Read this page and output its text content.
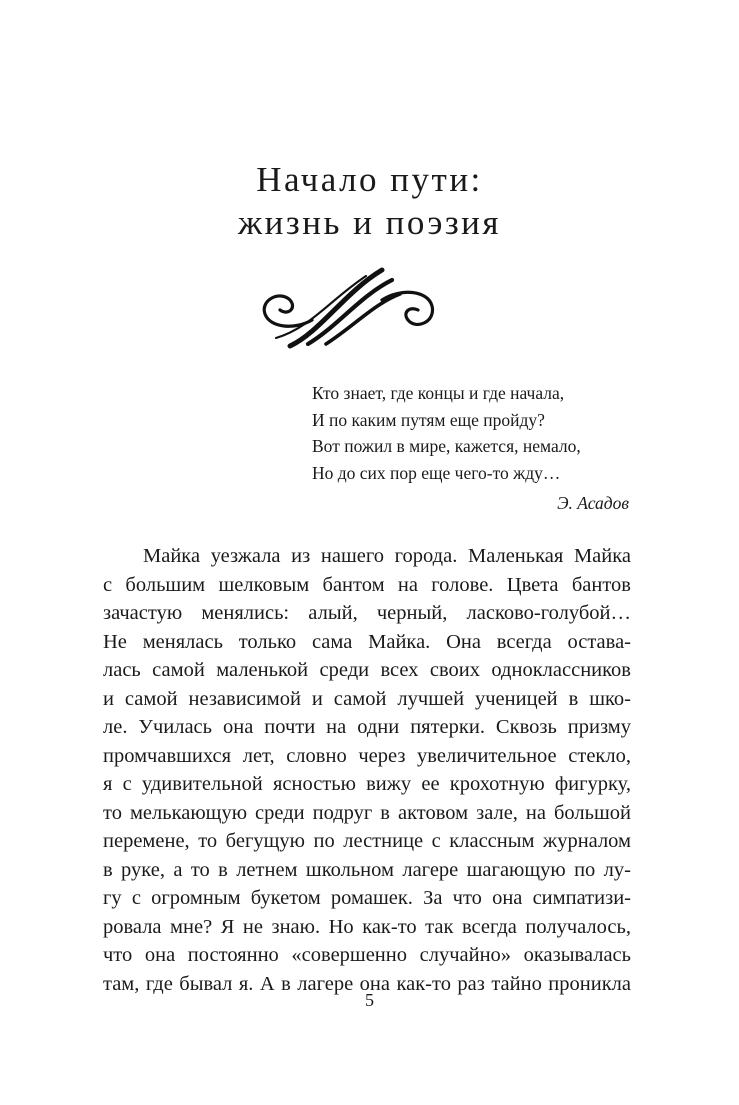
Начало пути:
жизнь и поэзия
Кто знает, где концы и где начала,
И по каким путям еще пройду?
Вот пожил в мире, кажется, немало,
Но до сих пор еще чего-то жду…
Э. Асадов
Майка уезжала из нашего города. Маленькая Майка
с большим шелковым бантом на голове. Цвета бантов
зачастую менялись: алый, черный, ласково-голубой…
Не менялась только сама Майка. Она всегда остава-
лась самой маленькой среди всех своих одноклассников
и самой независимой и самой лучшей ученицей в шко-
ле. Училась она почти на одни пятерки. Сквозь призму
промчавшихся лет, словно через увеличительное стекло,
я с удивительной ясностью вижу ее крохотную фигурку,
то мелькающую среди подруг в актовом зале, на большой
перемене, то бегущую по лестнице с классным журналом
в руке, а то в летнем школьном лагере шагающую по лу-
гу с огромным букетом ромашек. За что она симпатизи-
ровала мне? Я не знаю. Но как-то так всегда получалось,
что она постоянно «совершенно случайно» оказывалась
там, где бывал я. А в лагере она как-то раз тайно проникла
5
